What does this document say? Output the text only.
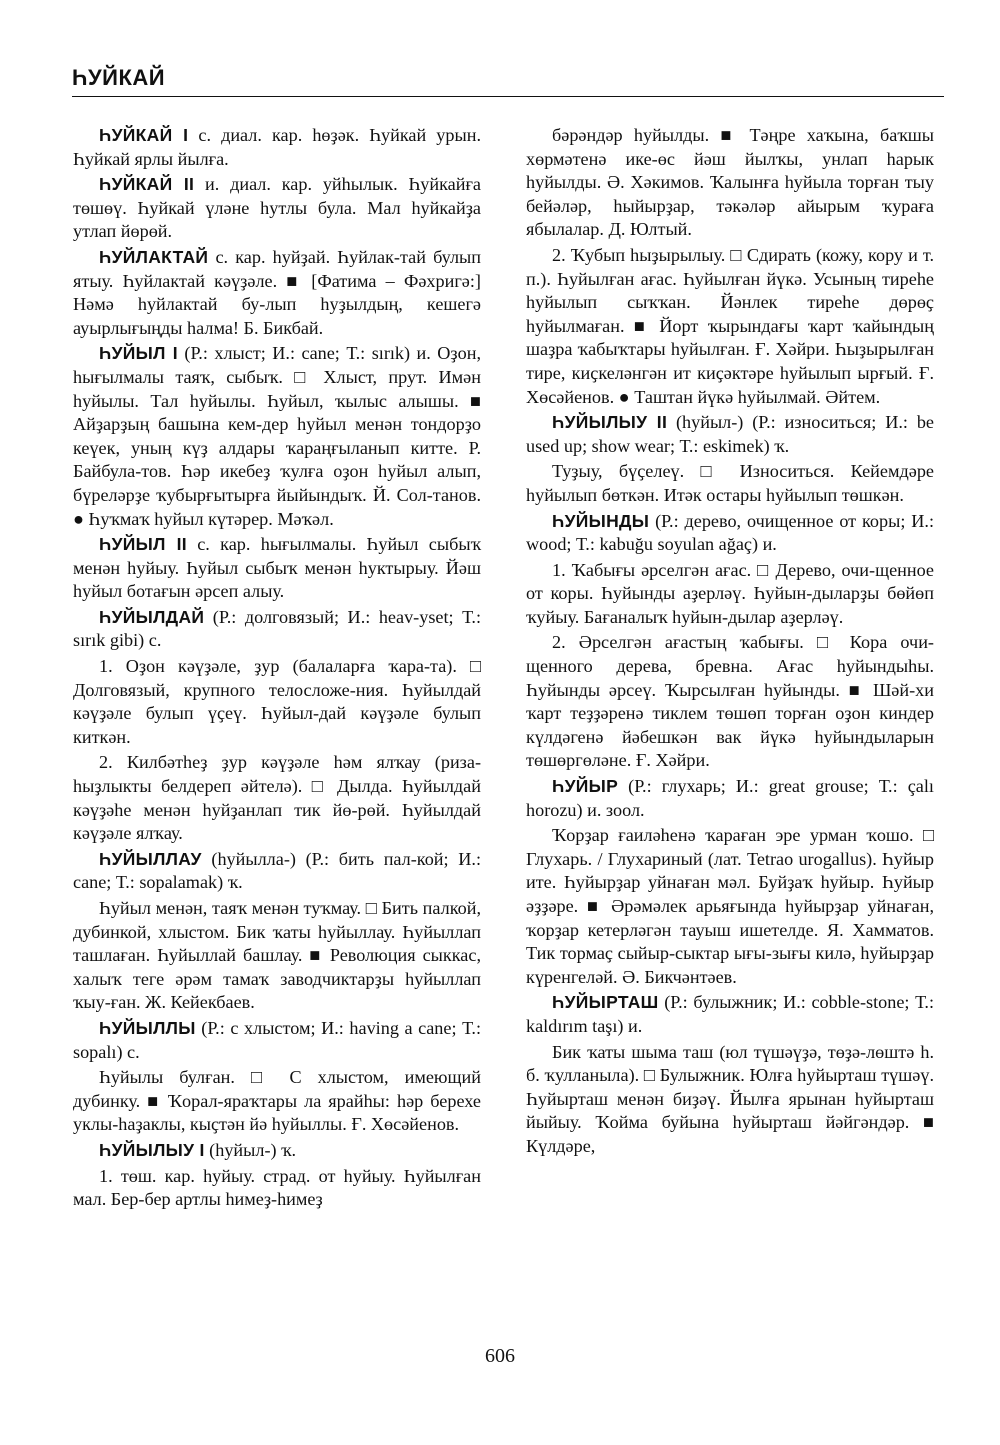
ҺУЙКАЙ

ҺУЙКАЙ I с. диал. кар. һөҙәк. Һуйкай урын. Һуйкай ярлы йылға.

ҺУЙКАЙ II и. диал. кар. уйһылык. Һуйкайға төшөү. Һуйкай үләне һутлы була. Мал һуйкайҙа утлап йөрөй.

ҺУЙЛАКТАЙ с. кар. һуйҙай. Һуйлак-тай булып ятыу. Һуйлактай кәүҙәле. ■ [Фатима – Фәхригә:] Нәмә һуйлактай бу-лып һуҙылдың, кешегә ауырлығыңды һалма! Б. Бикбай.

ҺУЙЫЛ I (Р.: хлыст; И.: cane; Т.: sırık) и. Оҙон, һығылмалы таяҡ, сыбыҡ. □ Хлыст, прут. Имән һуйылы. Тал һуйылы. Һуйыл, ҡылыс алышы. ■ Айҙарҙың башына кем-дер һуйыл менән тондорҙо кеүек, уның күҙ алдары ҡараңғыланып китте. Р. Байбула-тов. Һәр икебеҙ ҡулға оҙон һуйыл алып, бүреләрҙе ҡубырғытырға йыйындыҡ. Й. Сол-танов. ● Һуҡмаҡ һуйыл күтәрер. Мәҡәл.

ҺУЙЫЛ II с. кар. һығылмалы. Һуйыл сыбыҡ менән һуйыу. Һуйыл сыбыҡ менән һуктырыу. Йәш һуйыл ботағын әрсеп алыу.

ҺУЙЫЛДАЙ (Р.: долговязый; И.: heav-yset; Т.: sırık gibi) с.

1. Оҙон кәүҙәле, ҙур (балаларға ҡара-та). □ Долговязый, крупного телосложе-ния. Һуйылдай кәүҙәле булып үҫеү. Һуйыл-дай кәүҙәле булып киткән.

2. Килбәтһеҙ ҙур кәүҙәле һәм ялҡау (риза-һыҙлыкты белдереп әйтелә). □ Дылда. Һуйылдай кәүҙәһе менән һуйҙанлап тик йө-рөй. Һуйылдай кәүҙәле ялҡау.

ҺУЙЫЛЛАУ (һуйылла-) (Р.: бить пал-кой; И.: cane; Т.: sopalamak) ҡ.

Һуйыл менән, таяҡ менән туҡмау. □ Бить палкой, дубинкой, хлыстом. Бик ҡаты һуйыллау. Һуйыллап ташлаған. Һуйыллай башлау. ■ Революция сыккас, халыҡ теге әрәм тамаҡ заводчиктарҙы һуйыллап ҡыу-ған. Ж. Кейекбаев.

ҺУЙЫЛЛЫ (Р.: с хлыстом; И.: having a cane; Т.: sopalı) с.

Һуйылы булған. □ С хлыстом, имеющий дубинку. ■ Ҡорал-яраҡтары ла ярайһы: һәр берехе уклы-һаҙаклы, кыҫтән йә һуйыллы. Ғ. Хөсәйенов.

ҺУЙЫЛЫУ I (һуйыл-) ҡ.

1. төш. кар. һуйыу. страд. от һуйыу. Һуйылған мал. Бер-бер артлы һимеҙ-һимеҙ

бәрәндәр һуйылды. ■ Тәңре хаҡына, баҡшы хөрмәтенә ике-өс йәш йылҡы, унлап һарык һуйылды. Ә. Хәкимов. Ҡалынға һуйыла торған тыу бейәләр, һыйырҙар, тәкәләр айырым ҡураға ябылалар. Д. Юлтый.

2. Ҡубып һыҙырылыу. □ Сдирать (кожу, кору и т. п.). Һуйылған ағас. Һуйылған йүкә. Усының тиреһе һуйылып сыҡҡан. Йәнлек тиреһе дөрөҫ һуйылмаған. ■ Йорт ҡырындағы ҡарт ҡайындың шаҙра ҡабыҡтары һуйылған. Ғ. Хәйри. Һыҙырылған тире, киҫкеләнгән ит киҫәктәре һуйылып ырғый. Ғ. Хөсәйенов. ● Таштан йүкә һуйылмай. Әйтем.

ҺУЙЫЛЫУ II (һуйыл-) (Р.: износиться; И.: be used up; show wear; Т.: eskimek) ҡ.

Туҙыу, бүҫелеү. □ Износиться. Кейемдәре һуйылып бөткән. Итәк остары һуйылып төшкән.

ҺУЙЫНДЫ (Р.: дерево, очищенное от коры; И.: wood; Т.: kabuğu soyulan ağaç) и.

1. Ҡабығы әрселгән ағас. □ Дерево, очи-щенное от коры. Һуйынды аҙерләү. Һуйын-дыларҙы бөйөп ҡуйыу. Бағаналыҡ һуйын-дылар аҙерләү.

2. Әрселгән ағастың ҡабығы. □ Кора очи-щенного дерева, бревна. Ағас һуйындыһы. Һуйынды әрсеү. Ҡырсылған һуйынды. ■ Шәй-хи ҡарт теҙҙәренә тиклем төшөп торған оҙон киндер күлдәгенә йәбешкән вак йүкә һуйындыларын төшөргөләне. Ғ. Хәйри.

ҺУЙЫР (Р.: глухарь; И.: great grouse; Т.: çalı horozu) и. зоол.

Ҡорҙар ғаиләһенә ҡараған эре урман ҡошо. □ Глухарь. / Глухариный (лат. Tetrao urogallus). Һуйыр ите. Һуйырҙар уйнаған мәл. Буйҙаҡ һуйыр. Һуйыр әҙҙәре. ■ Әрәмәлек арьяғында һуйырҙар уйнаған, ҡорҙар кетерләгән тауыш ишетелде. Я. Хамматов. Тик тормаҫ сыйыр-сыктар ығы-зығы килә, һуйырҙар күренгеләй. Ә. Бикчәнтәев.

ҺУЙЫРТАШ (Р.: булыжник; И.: cobble-stone; Т.: kaldırım taşı) и.

Бик ҡаты шыма таш (юл түшәүҙә, төҙә-лөштә һ. б. ҡулланыла). □ Булыжник. Юлға һуйырташ түшәү. Һуйырташ менән биҙәү. Йылға ярынан һуйырташ йыйыу. Ҡойма буйына һуйырташ йәйгәндәр. ■ Күлдәре,

606
